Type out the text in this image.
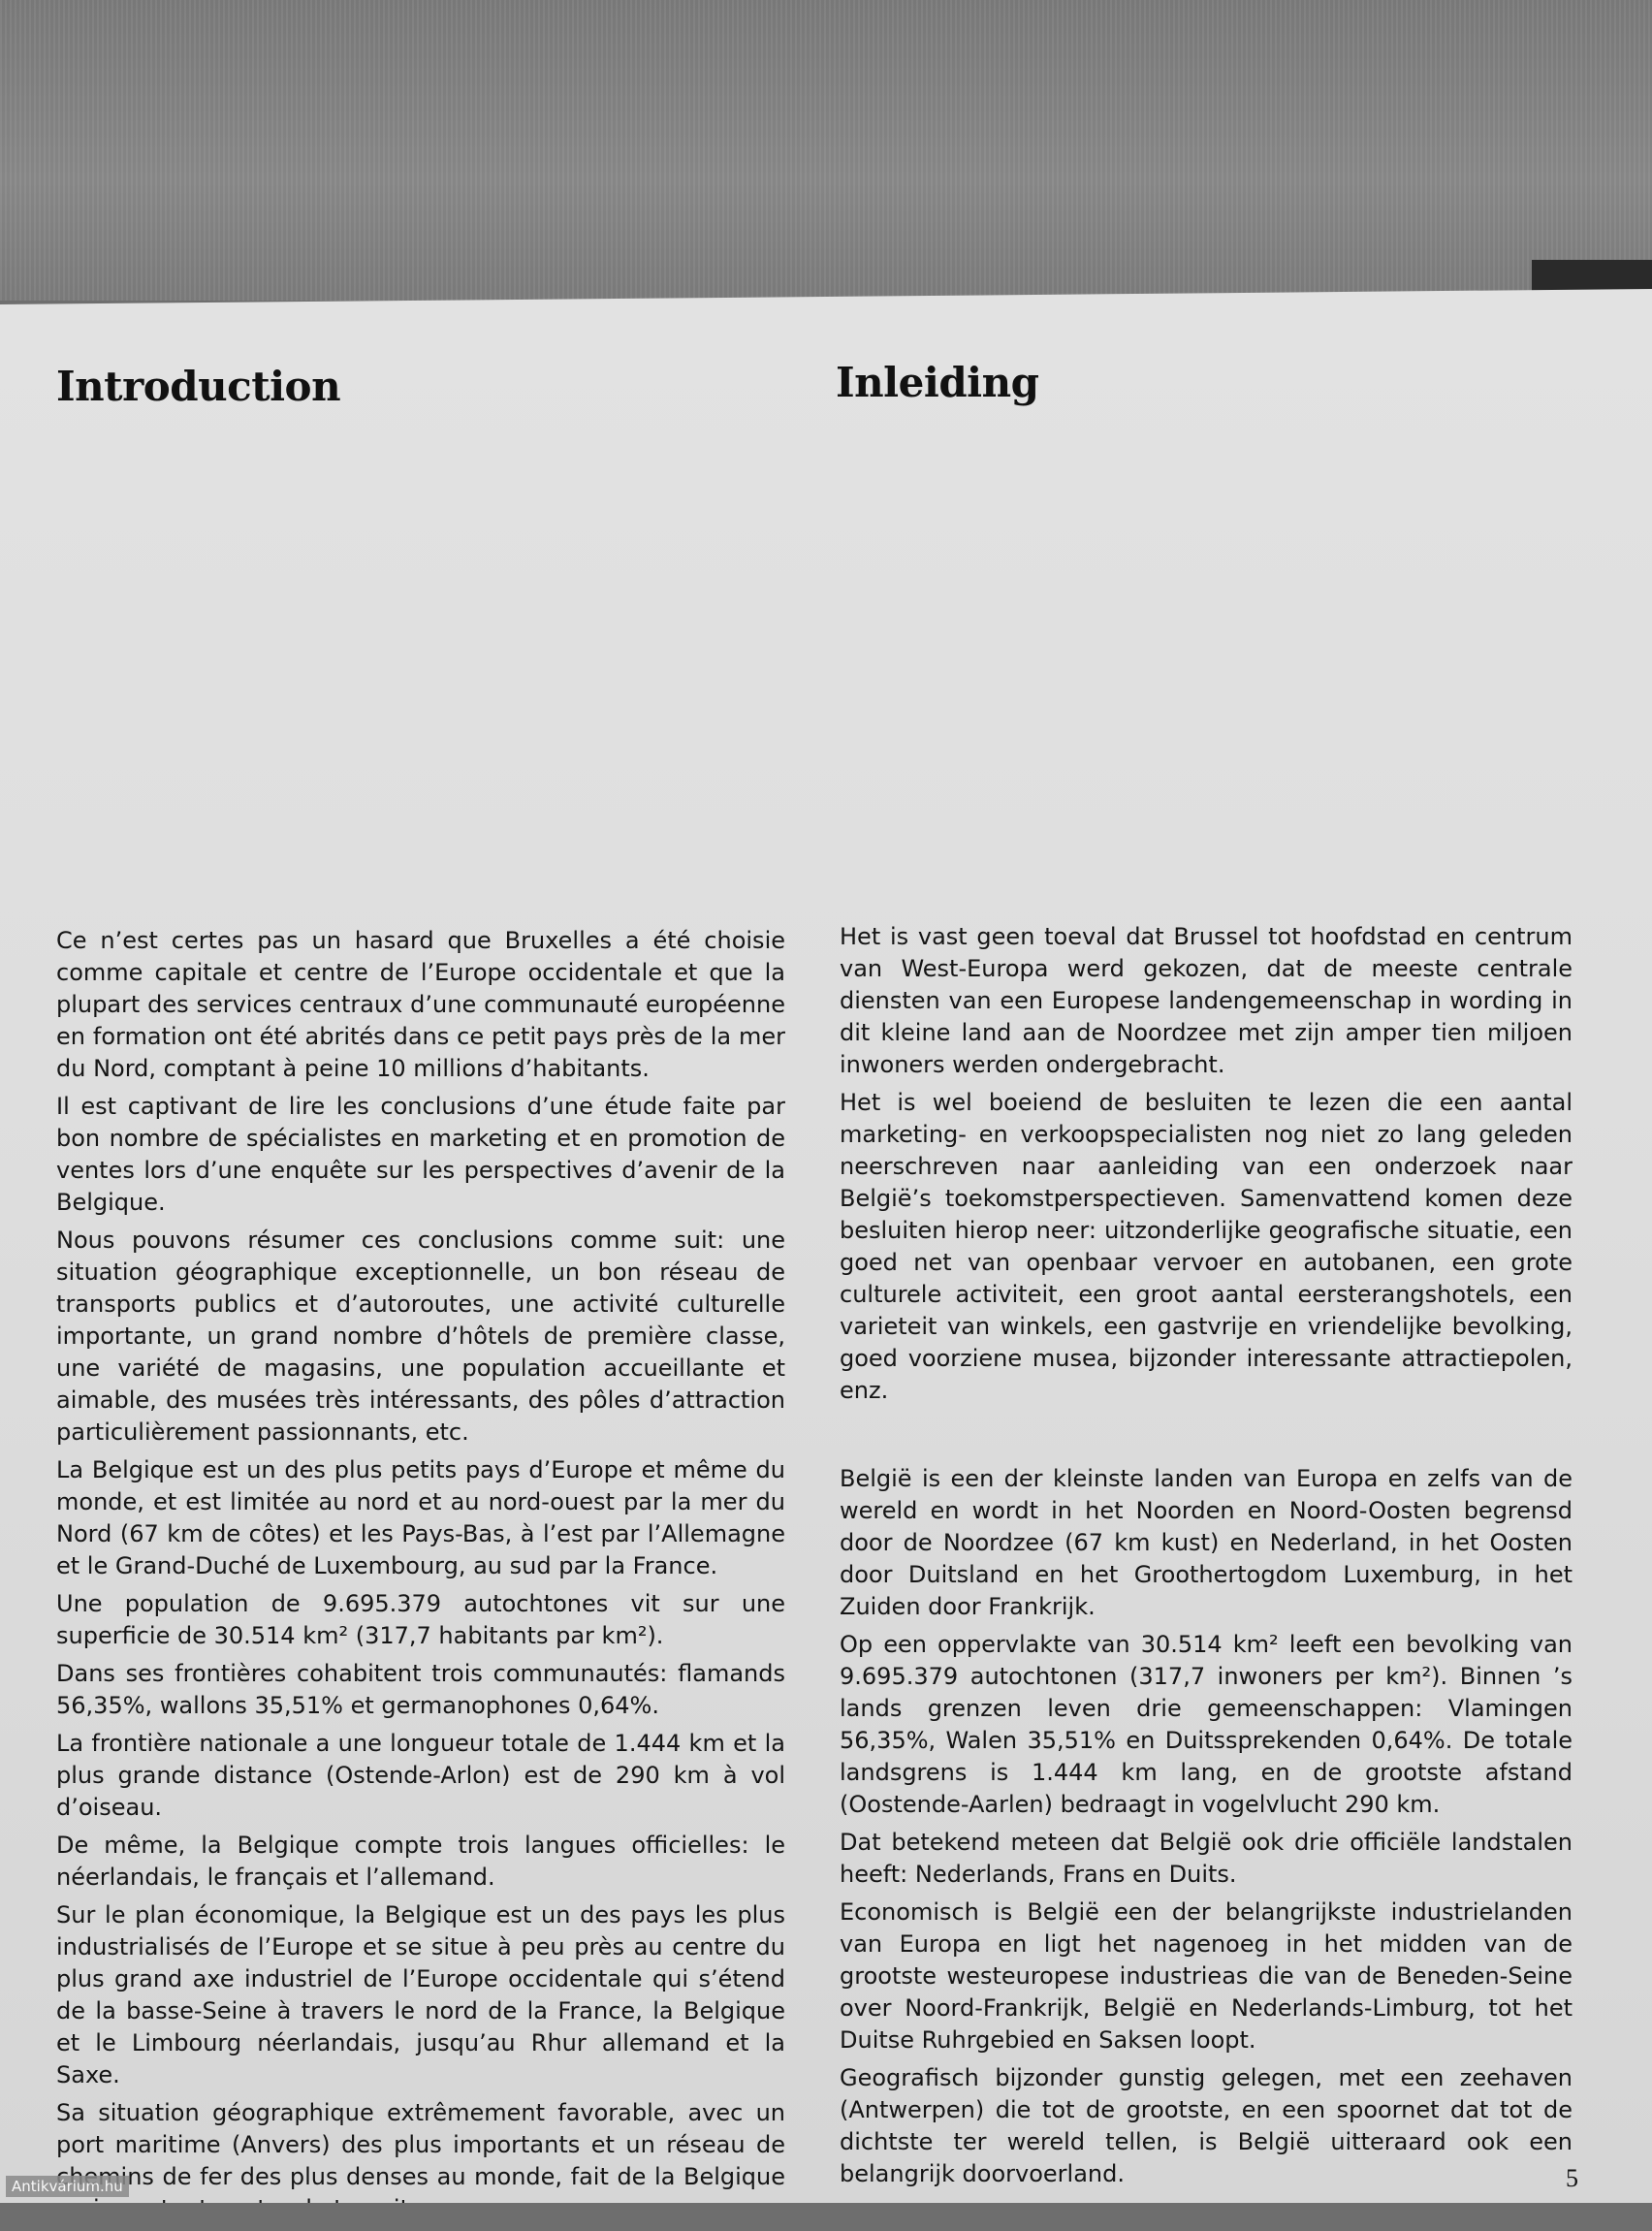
Introduction	Inleiding

Ce n’est certes pas un hasard que Bruxelles a été choisie comme capitale et centre de l’Europe occidentale et que la plupart des services centraux d’une communauté européenne en formation ont été abrités dans ce petit pays près de la mer du Nord, comptant à peine 10 millions d’habitants.

Il est captivant de lire les conclusions d’une étude faite par bon nombre de spécialistes en marketing et en promotion de ventes lors d’une enquête sur les perspectives d’avenir de la Belgique.

Nous pouvons résumer ces conclusions comme suit: une situation géographique exceptionnelle, un bon réseau de transports publics et d’autoroutes, une activité culturelle importante, un grand nombre d’hôtels de première classe, une variété de magasins, une population accueillante et aimable, des musées très intéressants, des pôles d’attraction particulièrement passionnants, etc.

La Belgique est un des plus petits pays d’Europe et même du monde, et est limitée au nord et au nord-ouest par la mer du Nord (67 km de côtes) et les Pays-Bas, à l’est par l’Allemagne et le Grand-Duché de Luxembourg, au sud par la France.

Une population de 9.695.379 autochtones vit sur une superficie de 30.514 km² (317,7 habitants par km²).

Dans ses frontières cohabitent trois communautés: flamands 56,35%, wallons 35,51% et germanophones 0,64%.

La frontière nationale a une longueur totale de 1.444 km et la plus grande distance (Ostende-Arlon) est de 290 km à vol d’oiseau.

De même, la Belgique compte trois langues officielles: le néerlandais, le français et l’allemand.

Sur le plan économique, la Belgique est un des pays les plus industrialisés de l’Europe et se situe à peu près au centre du plus grand axe industriel de l’Europe occidentale qui s’étend de la basse-Seine à travers le nord de la France, la Belgique et le Limbourg néerlandais, jusqu’au Rhur allemand et la Saxe.

Sa situation géographique extrêmement favorable, avec un port maritime (Anvers) des plus importants et un réseau de chemins de fer des plus denses au monde, fait de la Belgique un important centre de transit.

Het is vast geen toeval dat Brussel tot hoofdstad en centrum van West-Europa werd gekozen, dat de meeste centrale diensten van een Europese landengemeenschap in wording in dit kleine land aan de Noordzee met zijn amper tien miljoen inwoners werden ondergebracht.

Het is wel boeiend de besluiten te lezen die een aantal marketing- en verkoopspecialisten nog niet zo lang geleden neerschreven naar aanleiding van een onderzoek naar België’s toekomstperspectieven. Samenvattend komen deze besluiten hierop neer: uitzonderlijke geografische situatie, een goed net van openbaar vervoer en autobanen, een grote culturele activiteit, een groot aantal eersterangshotels, een varieteit van winkels, een gastvrije en vriendelijke bevolking, goed voorziene musea, bijzonder interessante attractiepolen, enz.

België is een der kleinste landen van Europa en zelfs van de wereld en wordt in het Noorden en Noord-Oosten begrensd door de Noordzee (67 km kust) en Nederland, in het Oosten door Duitsland en het Groothertogdom Luxemburg, in het Zuiden door Frankrijk.

Op een oppervlakte van 30.514 km² leeft een bevolking van 9.695.379 autochtonen (317,7 inwoners per km²). Binnen ’s lands grenzen leven drie gemeenschappen: Vlamingen 56,35%, Walen 35,51% en Duitssprekenden 0,64%. De totale landsgrens is 1.444 km lang, en de grootste afstand (Oostende-Aarlen) bedraagt in vogelvlucht 290 km.

Dat betekend meteen dat België ook drie officiële landstalen heeft: Nederlands, Frans en Duits.

Economisch is België een der belangrijkste industrielanden van Europa en ligt het nagenoeg in het midden van de grootste westeuropese industrieas die van de Beneden-Seine over Noord-Frankrijk, België en Nederlands-Limburg, tot het Duitse Ruhrgebied en Saksen loopt.

Geografisch bijzonder gunstig gelegen, met een zeehaven (Antwerpen) die tot de grootste, en een spoornet dat tot de dichtste ter wereld tellen, is België uitteraard ook een belangrijk doorvoerland.	5
Antikvárium.hu
